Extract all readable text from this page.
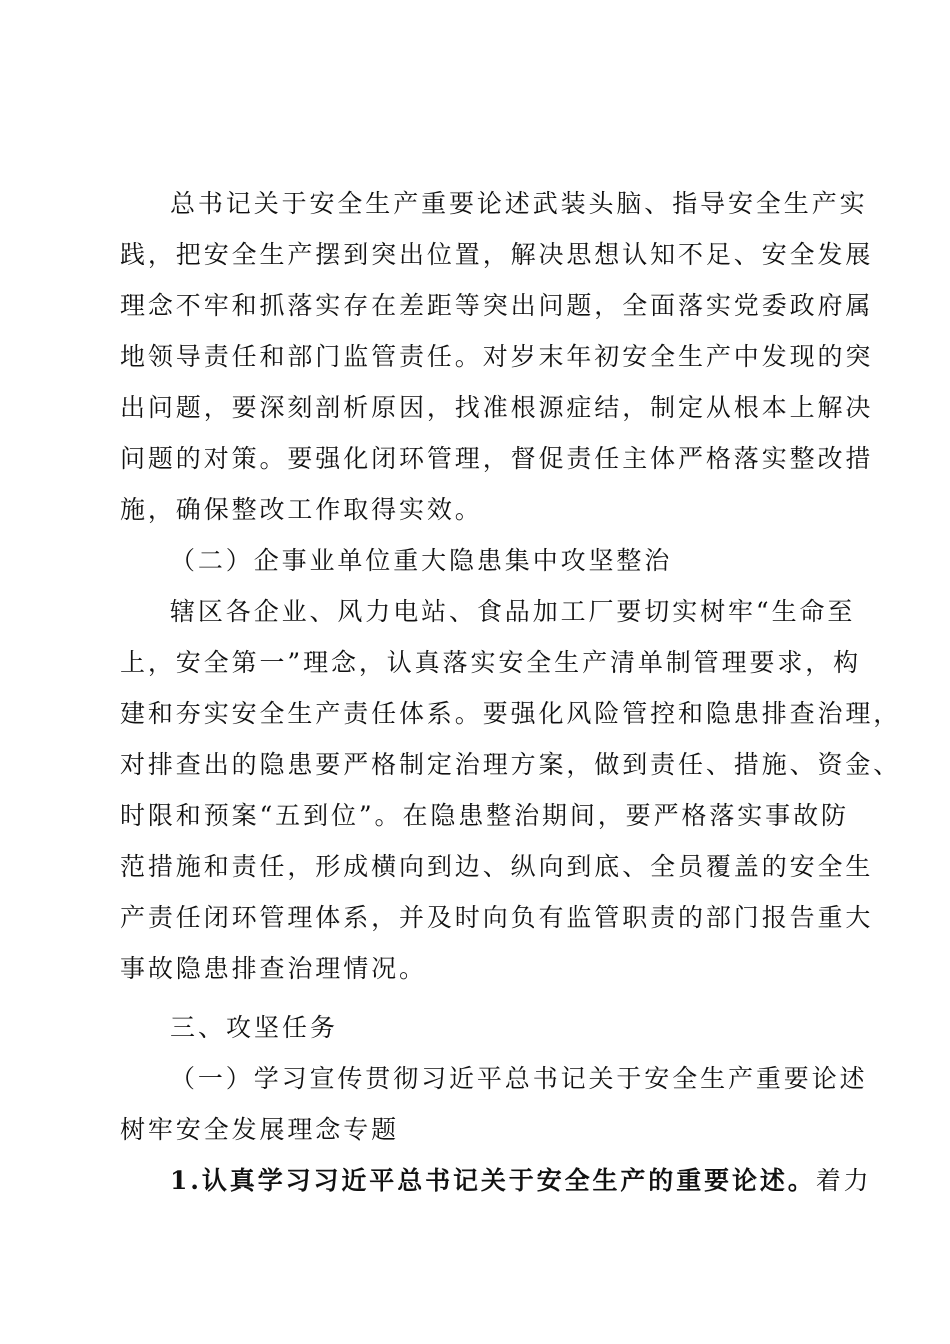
总书记关于安全生产重要论述武装头脑、指导安全生产实
践，把安全生产摆到突出位置，解决思想认知不足、安全发展
理念不牢和抓落实存在差距等突出问题，全面落实党委政府属
地领导责任和部门监管责任。对岁末年初安全生产中发现的突
出问题，要深刻剖析原因，找准根源症结，制定从根本上解决
问题的对策。要强化闭环管理，督促责任主体严格落实整改措
施，确保整改工作取得实效。
（二）企事业单位重大隐患集中攻坚整治
辖区各企业、风力电站、食品加工厂要切实树牢“生命至
上，安全第一”理念，认真落实安全生产清单制管理要求，构
建和夯实安全生产责任体系。要强化风险管控和隐患排查治理，
对排查出的隐患要严格制定治理方案，做到责任、措施、资金、
时限和预案“五到位”。在隐患整治期间，要严格落实事故防
范措施和责任，形成横向到边、纵向到底、全员覆盖的安全生
产责任闭环管理体系，并及时向负有监管职责的部门报告重大
事故隐患排查治理情况。
三、攻坚任务
（一）学习宣传贯彻习近平总书记关于安全生产重要论述
树牢安全发展理念专题
1.认真学习习近平总书记关于安全生产的重要论述。着力
